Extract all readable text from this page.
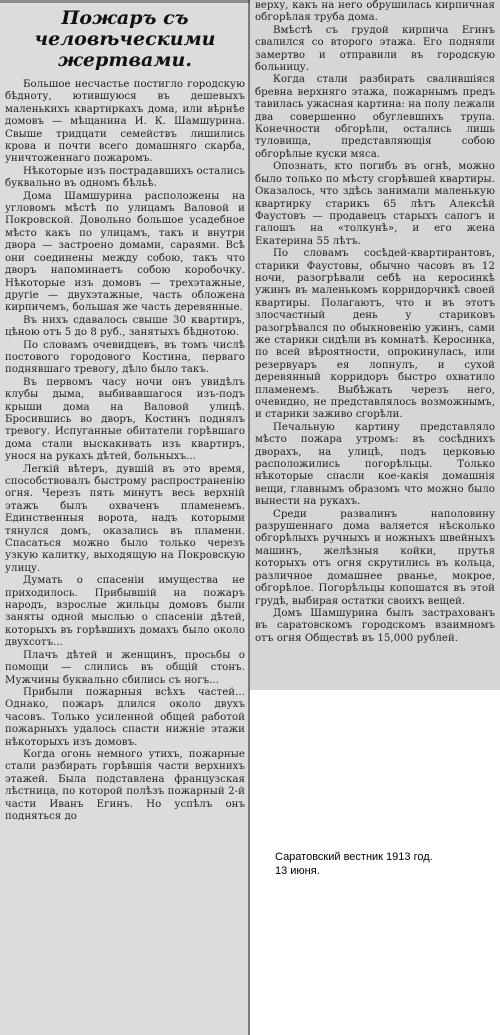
Пожаръ съ человѣческими жертвами.

Большое несчастье постигло городскую бѣдноту, ютившуюся въ дешевыхъ маленькихъ квартиркахъ дома, или вѣрнѣе домовъ — мѣщанина И. К. Шамшурина. Свыше тридцати семействъ лишились крова и почти всего домашняго скарба, уничтоженнаго пожаромъ.

Нѣкоторые изъ пострадавшихъ остались буквально въ одномъ бѣльѣ.

Дома Шамшурина расположены на угловомъ мѣстѣ по улицамъ Валовой и Покровской. Довольно большое усадебное мѣсто какъ по улицамъ, такъ и внутри двора — застроено домами, сараями. Всѣ они соединены между собою, такъ что дворъ напоминаетъ собою коробочку. Нѣкоторые изъ домовъ — трехэтажные, другіе — двухэтажные, часть обложена кирпичемъ, большая же часть деревянные.

Въ нихъ сдавалось свыше 30 квартиръ, цѣною отъ 5 до 8 руб., занятыхъ бѣднотою.

По словамъ очевидцевъ, въ томъ числѣ постового городового Костина, перваго поднявшаго тревогу, дѣло было такъ.

Въ первомъ часу ночи онъ увидѣлъ клубы дыма, выбивавшагося изъ-подъ крыши дома на Валовой улицѣ. Бросившись во дворъ, Костинъ поднялъ тревогу. Испуганные обитатели горѣвшаго дома стали выскакивать изъ квартиръ, унося на рукахъ дѣтей, больныхъ...

Легкій вѣтеръ, дувшій въ это время, способствовалъ быстрому распространенію огня. Черезъ пять минутъ весь верхній этажъ былъ охваченъ пламенемъ. Единственныя ворота, надъ которыми тянулся домъ, оказались въ пламени. Спасаться можно было только черезъ узкую калитку, выходящую на Покровскую улицу.

Думать о спасеніи имущества не приходилось. Прибывшій на пожаръ народъ, взрослые жильцы домовъ были заняты одной мыслью о спасеніи дѣтей, которыхъ въ горѣвшихъ домахъ было около двухсотъ...

Плачъ дѣтей и женщинъ, просьбы о помощи — слились въ общій стонъ. Мужчины буквально сбились съ ногъ...

Прибыли пожарныя всѣхъ частей... Однако, пожаръ длился около двухъ часовъ. Только усиленной общей работой пожарныхъ удалось спасти нижніе этажи нѣкоторыхъ изъ домовъ.

Когда огонь немного утихъ, пожарные стали разбирать горѣвшія части верхнихъ этажей. Была подставлена французская лѣстница, по которой полѣзъ пожарный 2-й части Иванъ Егинъ. Но успѣлъ онъ подняться до

верху, какъ на него обрушилась кирпичная обгорѣлая труба дома.

Вмѣстѣ съ грудой кирпича Егинъ свалился со второго этажа. Его подняли замертво и отправили въ городскую больницу.

Когда стали разбирать свалившіяся бревна верхняго этажа, пожарнымъ предъ тавилась ужасная картина: на полу лежали два совершенно обуглевшихъ трупа. Конечности обгорѣли, остались лишь туловища, представляющія собою обгорѣлые куски мяса.

Опознать, кто погибъ въ огнѣ, можно было только по мѣсту сгорѣвшей квартиры. Оказалось, что здѣсь занимали маленькую квартирку старикъ 65 лѣтъ Алексѣй Фаустовъ — продавецъ старыхъ сапогъ и галошъ на «толкунѣ», и его жена Екатерина 55 лѣтъ.

По словамъ сосѣдей-квартирантовъ, старики Фаустовы, обычно часовъ въ 12 ночи, разогрѣвали себѣ на керосинкѣ ужинъ въ маленькомъ корридорчикѣ своей квартиры. Полагаютъ, что и въ этотъ злосчастный день у стариковъ разогрѣвался по обыкновенію ужинъ, сами же старики сидѣли въ комнатѣ. Керосинка, по всей вѣроятности, опрокинулась, или резервуаръ ея лопнулъ, и сухой деревянный корридоръ быстро охватило пламенемъ. Выбѣжать черезъ него, очевидно, не представлялось возможнымъ, и старики заживо сгорѣли.

Печальную картину представляло мѣсто пожара утромъ: въ сосѣднихъ дворахъ, на улицѣ, подъ церковью расположились погорѣльцы. Только нѣкоторые спасли кое-какія домашнія вещи, главнымъ образомъ что можно было вынести на рукахъ.

Среди развалинъ наполовину разрушеннаго дома валяется нѣсколько обгорѣлыхъ ручныхъ и ножныхъ швейныхъ машинъ, желѣзныя койки, прутья которыхъ отъ огня скрутились въ кольца, различное домашнее рванье, мокрое, обгорѣлое. Погорѣльцы копошатся въ этой грудѣ, выбирая остатки своихъ вещей.

Домъ Шамшурина былъ застрахованъ въ саратовскомъ городскомъ взаимномъ отъ огня Обществѣ въ 15,000 рублей.

Саратовский вестник 1913 год.
13 июня.
